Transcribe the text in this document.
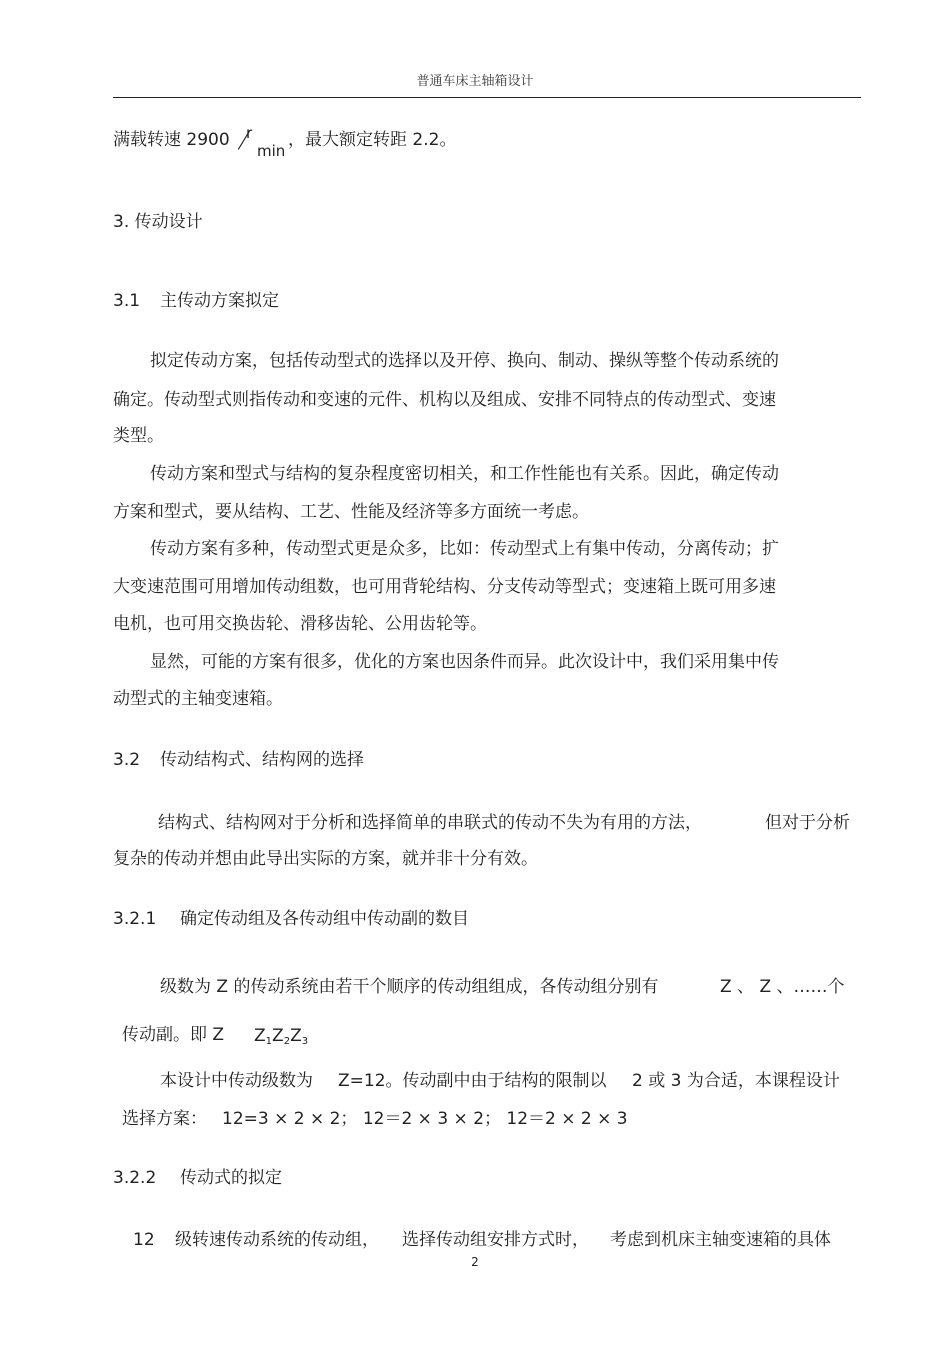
普通车床主轴箱设计
满载转速 2900 r
⁄ min
，最大额定转距 2.2。
3. 传动设计
3.1 主传动方案拟定
拟定传动方案，包括传动型式的选择以及开停、换向、制动、操纵等整个传动系统的
确定。传动型式则指传动和变速的元件、机构以及组成、安排不同特点的传动型式、变速
类型。
传动方案和型式与结构的复杂程度密切相关，和工作性能也有关系。因此，确定传动
方案和型式，要从结构、工艺、性能及经济等多方面统一考虑。
传动方案有多种，传动型式更是众多，比如：传动型式上有集中传动，分离传动；扩
大变速范围可用增加传动组数，也可用背轮结构、分支传动等型式；变速箱上既可用多速
电机，也可用交换齿轮、滑移齿轮、公用齿轮等。
显然，可能的方案有很多，优化的方案也因条件而异。此次设计中，我们采用集中传
动型式的主轴变速箱。
3.2 传动结构式、结构网的选择
结构式、结构网对于分析和选择简单的串联式的传动不失为有用的方法，	但对于分析
复杂的传动并想由此导出实际的方案，就并非十分有效。
3.2.1 确定传动组及各传动组中传动副的数目
级数为 Z 的传动系统由若干个顺序的传动组组成，各传动组分别有	Z 、 Z 、……个
传动副。即 Z $Z_1Z_2Z_3$
本设计中传动级数为 Z=12。传动副中由于结构的限制以 2 或 3 为合适，本课程设计
选择方案： 12=3 × 2 × 2； 12＝2 × 3 × 2； 12＝2 × 2 × 3
3.2.2 传动式的拟定
12 级转速传动系统的传动组， 选择传动组安排方式时， 考虑到机床主轴变速箱的具体
2
